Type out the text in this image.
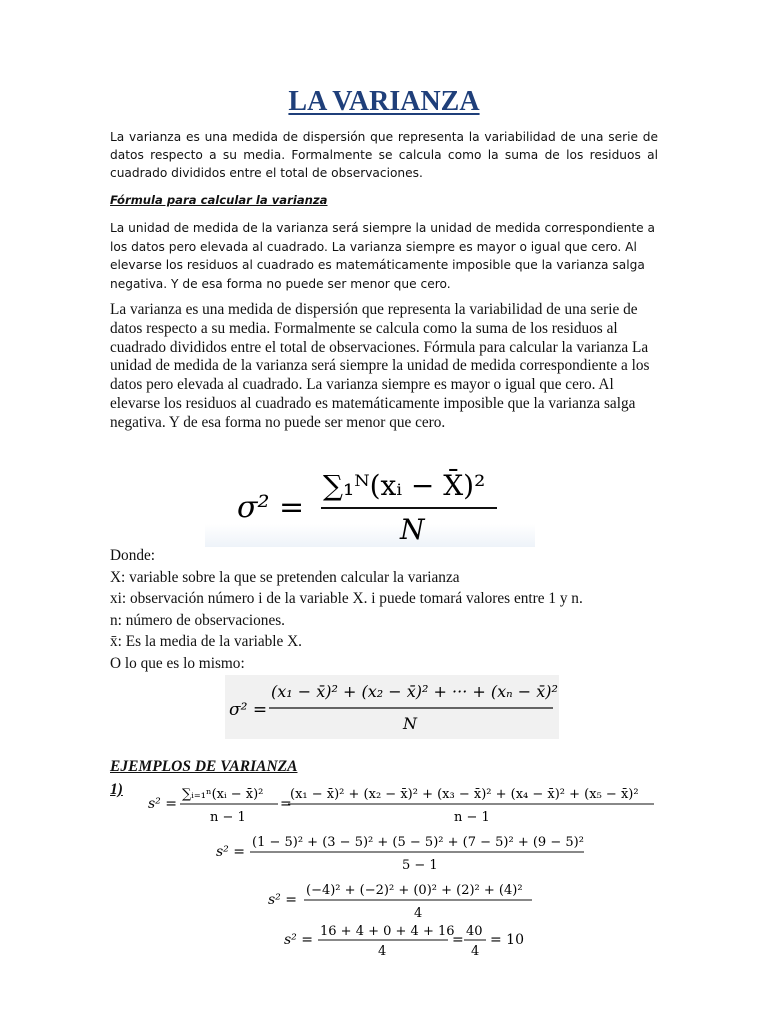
LA VARIANZA
La varianza es una medida de dispersión que representa la variabilidad de una serie de datos respecto a su media. Formalmente se calcula como la suma de los residuos al cuadrado divididos entre el total de observaciones.
Fórmula para calcular la varianza
La unidad de medida de la varianza será siempre la unidad de medida correspondiente a los datos pero elevada al cuadrado. La varianza siempre es mayor o igual que cero. Al elevarse los residuos al cuadrado es matemáticamente imposible que la varianza salga negativa. Y de esa forma no puede ser menor que cero.
La varianza es una medida de dispersión que representa la variabilidad de una serie de datos respecto a su media. Formalmente se calcula como la suma de los residuos al cuadrado divididos entre el total de observaciones. Fórmula para calcular la varianza La unidad de medida de la varianza será siempre la unidad de medida correspondiente a los datos pero elevada al cuadrado. La varianza siempre es mayor o igual que cero. Al elevarse los residuos al cuadrado es matemáticamente imposible que la varianza salga negativa. Y de esa forma no puede ser menor que cero.
σ² =
∑₁ᴺ(xᵢ − X̄)²
N
Donde:
X: variable sobre la que se pretenden calcular la varianza
xi: observación número i de la variable X. i puede tomará valores entre 1 y n.
n: número de observaciones.
x̄: Es la media de la variable X.
O lo que es lo mismo:
σ² =
(x₁ − x̄)² + (x₂ − x̄)² + ··· + (xₙ − x̄)²
N
EJEMPLOS DE VARIANZA
1)
s² =
∑ᵢ₌₁ⁿ(xᵢ − x̄)²
n − 1
=
(x₁ − x̄)² + (x₂ − x̄)² + (x₃ − x̄)² + (x₄ − x̄)² + (x₅ − x̄)²
n − 1
s² =
(1 − 5)² + (3 − 5)² + (5 − 5)² + (7 − 5)² + (9 − 5)²
5 − 1
s² =
(−4)² + (−2)² + (0)² + (2)² + (4)²
4
s² =
16 + 4 + 0 + 4 + 16
4
=
40
4
= 10
